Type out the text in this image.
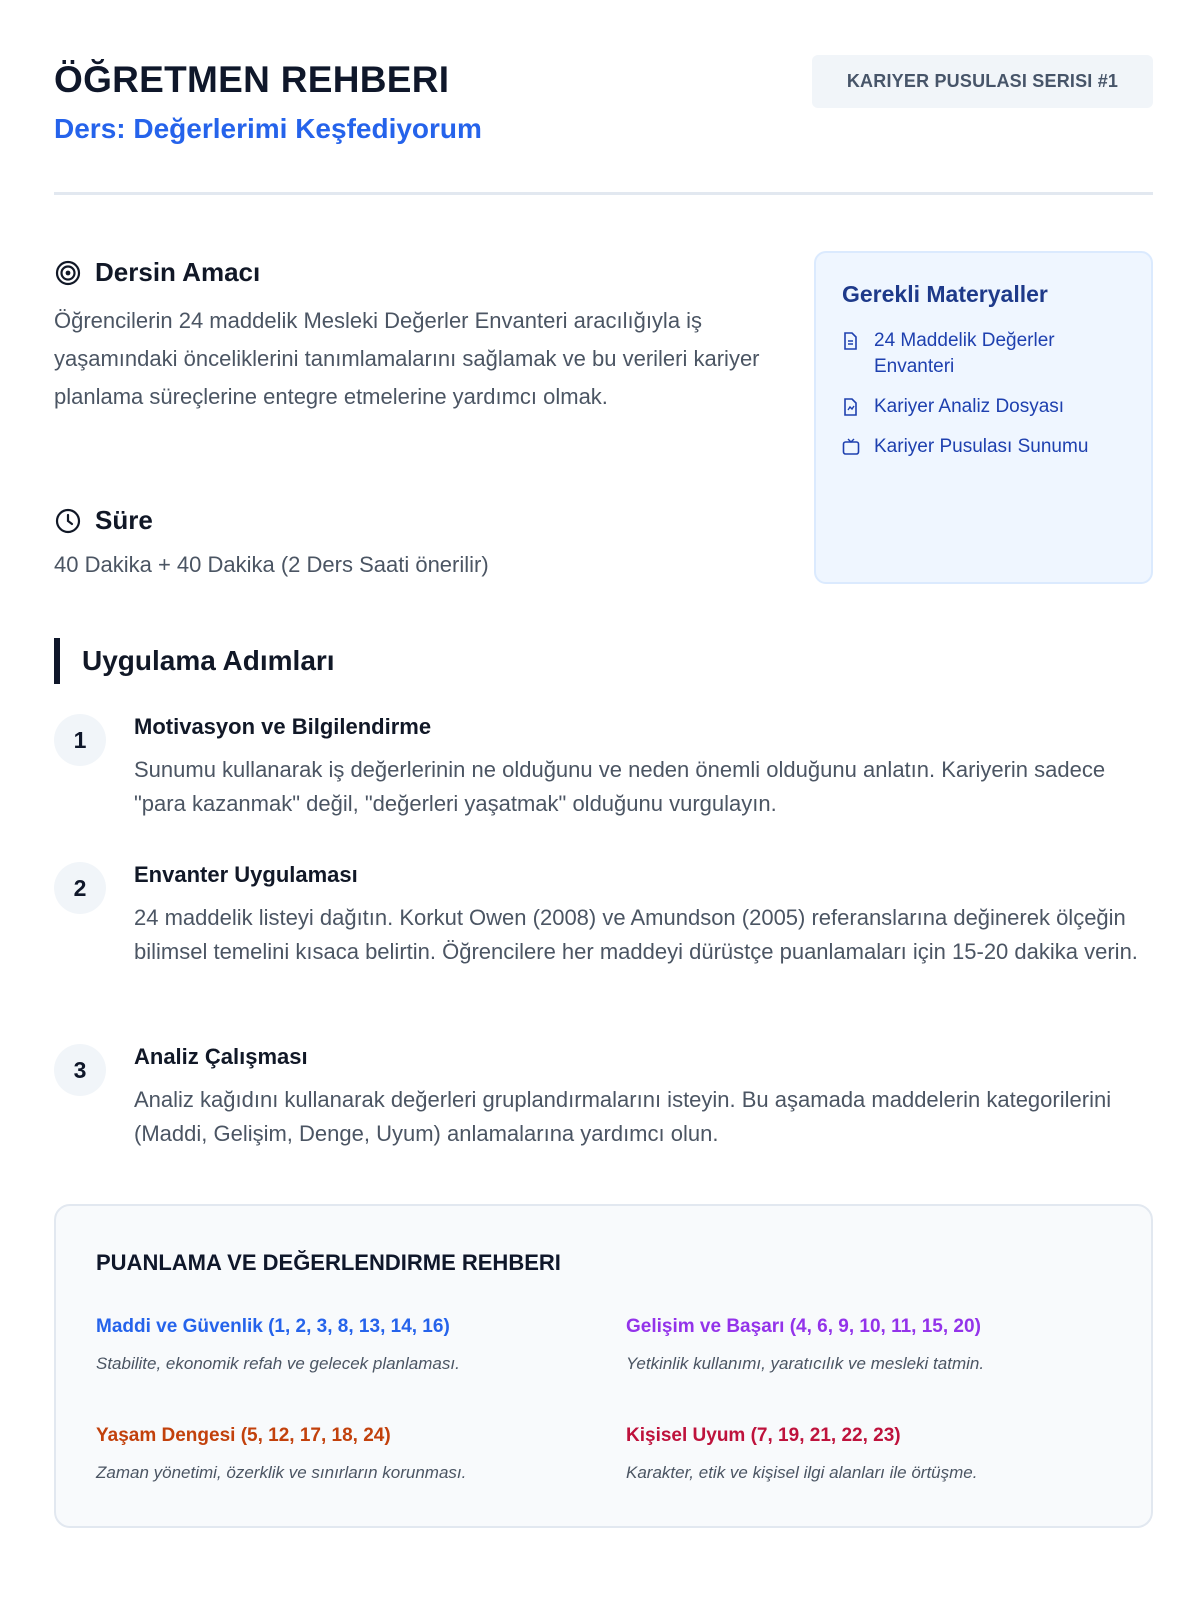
ÖĞRETMEN REHBERI
Ders: Değerlerimi Keşfediyorum
KARIYER PUSULASI SERISI #1
Dersin Amacı
Öğrencilerin 24 maddelik Mesleki Değerler Envanteri aracılığıyla iş yaşamındaki önceliklerini tanımlamalarını sağlamak ve bu verileri kariyer planlama süreçlerine entegre etmelerine yardımcı olmak.
Süre
40 Dakika + 40 Dakika (2 Ders Saati önerilir)
Gerekli Materyaller
24 Maddelik Değerler Envanteri
Kariyer Analiz Dosyası
Kariyer Pusulası Sunumu
Uygulama Adımları
1	Motivasyon ve Bilgilendirme
Sunumu kullanarak iş değerlerinin ne olduğunu ve neden önemli olduğunu anlatın. Kariyerin sadece "para kazanmak" değil, "değerleri yaşatmak" olduğunu vurgulayın.
2	Envanter Uygulaması
24 maddelik listeyi dağıtın. Korkut Owen (2008) ve Amundson (2005) referanslarına değinerek ölçeğin bilimsel temelini kısaca belirtin. Öğrencilere her maddeyi dürüstçe puanlamaları için 15-20 dakika verin.
3	Analiz Çalışması
Analiz kağıdını kullanarak değerleri gruplandırmalarını isteyin. Bu aşamada maddelerin kategorilerini (Maddi, Gelişim, Denge, Uyum) anlamalarına yardımcı olun.
PUANLAMA VE DEĞERLENDIRME REHBERI
Maddi ve Güvenlik (1, 2, 3, 8, 13, 14, 16)
Stabilite, ekonomik refah ve gelecek planlaması.
Gelişim ve Başarı (4, 6, 9, 10, 11, 15, 20)
Yetkinlik kullanımı, yaratıcılık ve mesleki tatmin.
Yaşam Dengesi (5, 12, 17, 18, 24)
Zaman yönetimi, özerklik ve sınırların korunması.
Kişisel Uyum (7, 19, 21, 22, 23)
Karakter, etik ve kişisel ilgi alanları ile örtüşme.
